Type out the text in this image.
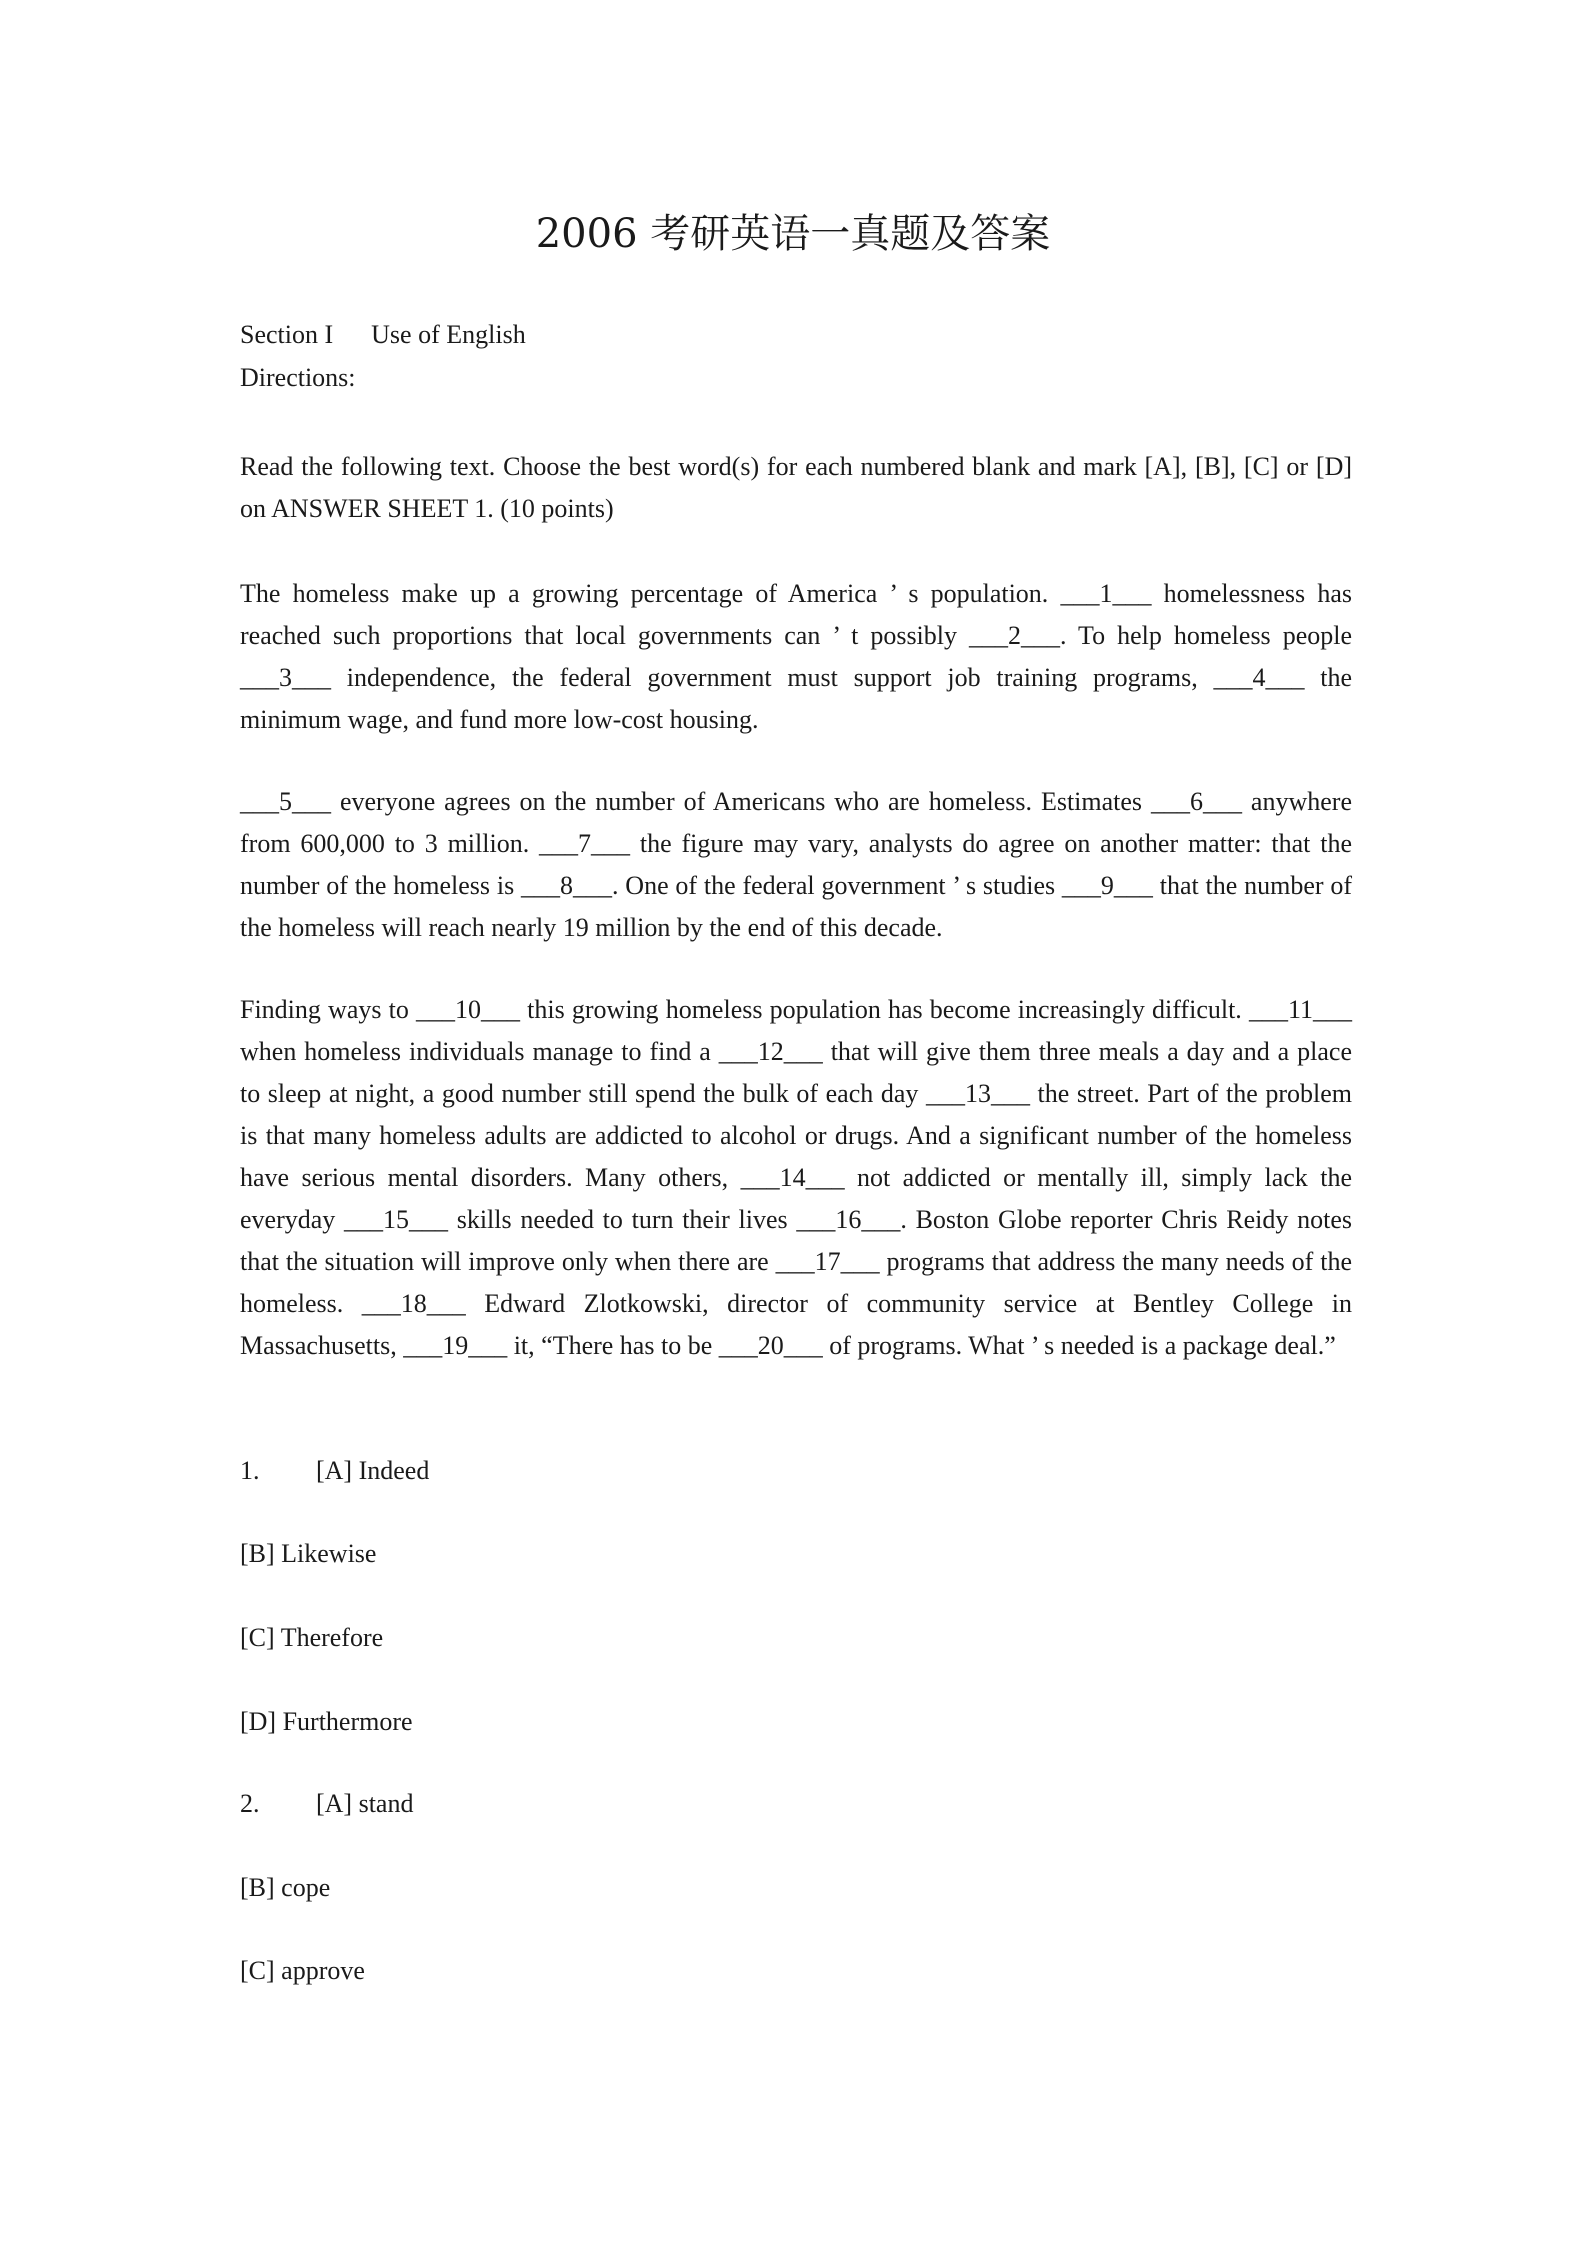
2006 考研英语一真题及答案
Section I Use of English
Directions:
Read the following text. Choose the best word(s) for each numbered blank and mark [A], [B], [C] or [D] on ANSWER SHEET 1. (10 points)
The homeless make up a growing percentage of America ’ s population. ___1___ homelessness has reached such proportions that local governments can ’ t possibly ___2___. To help homeless people ___3___ independence, the federal government must support job training programs, ___4___ the minimum wage, and fund more low-cost housing.
___5___ everyone agrees on the number of Americans who are homeless. Estimates ___6___ anywhere from 600,000 to 3 million. ___7___ the figure may vary, analysts do agree on another matter: that the number of the homeless is ___8___. One of the federal government ’ s studies ___9___ that the number of the homeless will reach nearly 19 million by the end of this decade.
Finding ways to ___10___ this growing homeless population has become increasingly difficult. ___11___ when homeless individuals manage to find a ___12___ that will give them three meals a day and a place to sleep at night, a good number still spend the bulk of each day ___13___ the street. Part of the problem is that many homeless adults are addicted to alcohol or drugs. And a significant number of the homeless have serious mental disorders. Many others, ___14___ not addicted or mentally ill, simply lack the everyday ___15___ skills needed to turn their lives ___16___. Boston Globe reporter Chris Reidy notes that the situation will improve only when there are ___17___ programs that address the many needs of the homeless. ___18___ Edward Zlotkowski, director of community service at Bentley College in Massachusetts, ___19___ it, “There has to be ___20___ of programs. What ’ s needed is a package deal.”
1. [A] Indeed
[B] Likewise
[C] Therefore
[D] Furthermore
2. [A] stand
[B] cope
[C] approve
